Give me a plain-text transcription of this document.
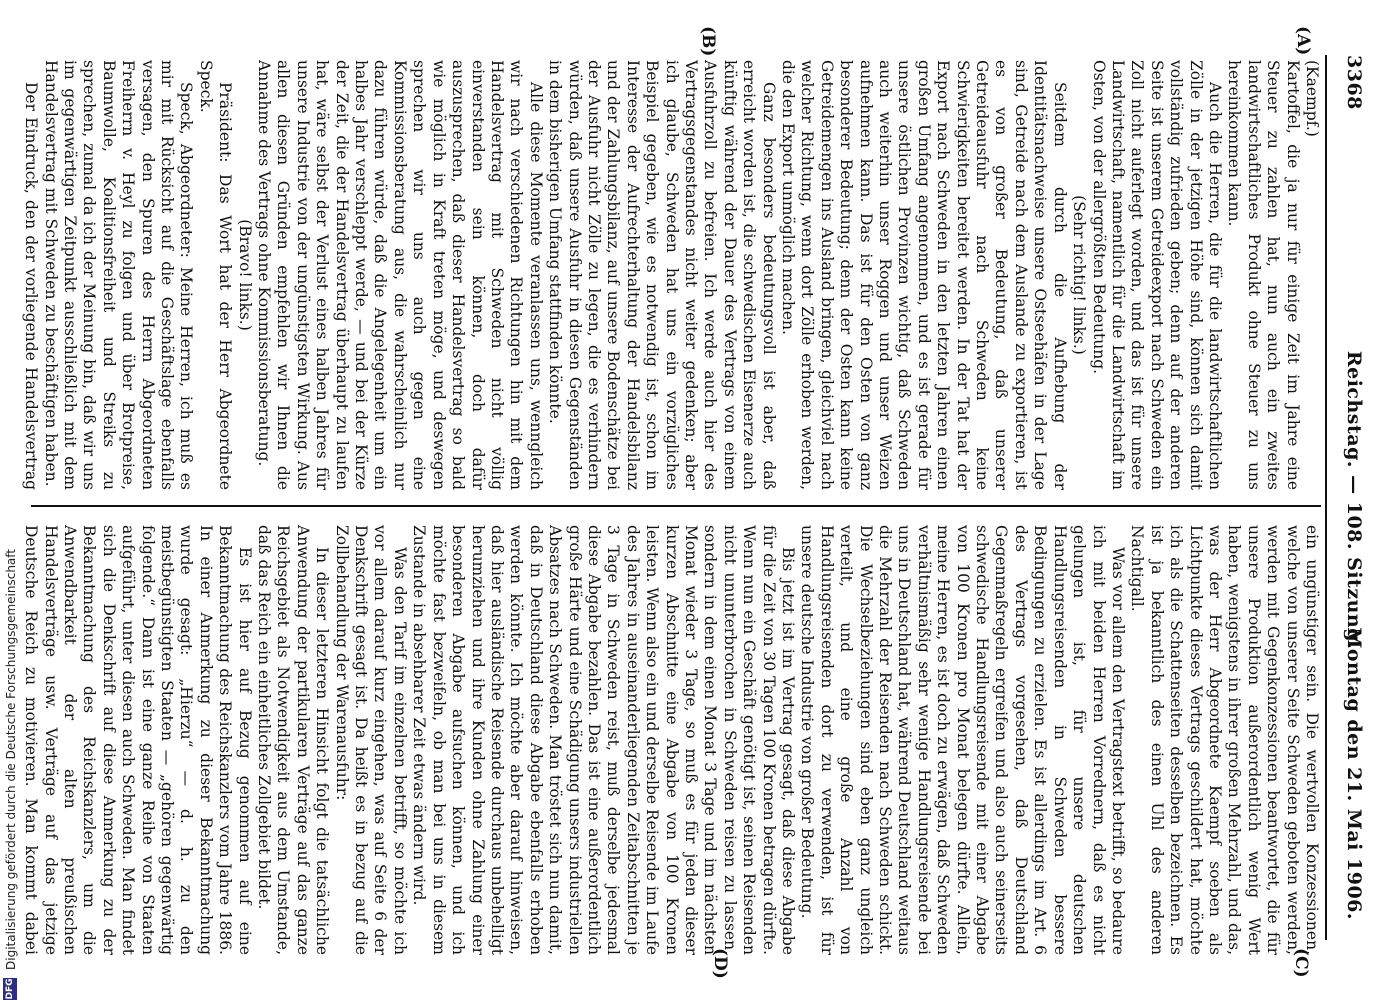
3368
Reichstag. — 108. Sitzung.
Montag den 21. Mai 1906.
(A)
(B)
(C)
(D)

(Kaempf.)

Kartoffel, die ja nur für einige Zeit im Jahre eine Steuer zu zahlen hat, nun auch ein zweites landwirtschaftliches Produkt ohne Steuer zu uns hereinkommen kann.

Auch die Herren, die für die landwirtschaftlichen Zölle in der jetzigen Höhe sind, können sich damit vollständig zufrieden geben; denn auf der anderen Seite ist unserem Getreideexport nach Schweden ein Zoll nicht auferlegt worden, und das ist für unsere Landwirtschaft, namentlich für die Landwirtschaft im Osten, von der allergrößten Bedeutung.

(Sehr richtig! links.)

Seitdem durch die Aufhebung der Identitätsnachweise unsere Ostseehäfen in der Lage sind, Getreide nach dem Auslande zu exportieren, ist es von großer Bedeutung, daß unserer Getreideausfuhr nach Schweden keine Schwierigkeiten bereitet werden. In der Tat hat der Export nach Schweden in den letzten Jahren einen großen Umfang angenommen, und es ist gerade für unsere östlichen Provinzen wichtig, daß Schweden auch weiterhin unser Roggen und unser Weizen aufnehmen kann. Das ist für den Osten von ganz besonderer Bedeutung; denn der Osten kann keine Getreidemengen ins Ausland bringen, gleichviel nach welcher Richtung, wenn dort Zölle erhoben werden, die den Export unmöglich machen.

Ganz besonders bedeutungsvoll ist aber, daß erreicht worden ist, die schwedischen Eisenerze auch künftig während der Dauer des Vertrags von einem Ausfuhrzoll zu befreien. Ich werde auch hier des Vertragsgegenstandes nicht weiter gedenken; aber ich glaube, Schweden hat uns ein vorzügliches Beispiel gegeben, wie es notwendig ist, schon im Interesse der Aufrechterhaltung der Handelsbilanz und der Zahlungsbilanz, auf unsere Bodenschätze bei der Ausfuhr nicht Zölle zu legen, die es verhindern würden, daß unsere Ausfuhr in diesen Gegenständen in dem bisherigen Umfang stattfinden könnte.

Alle diese Momente veranlassen uns, wenngleich wir nach verschiedenen Richtungen hin mit dem Handelsvertrag mit Schweden nicht völlig einverstanden sein können, doch dafür auszusprechen, daß dieser Handelsvertrag so bald wie möglich in Kraft treten möge, und deswegen sprechen wir uns auch gegen eine Kommissionsberatung aus, die wahrscheinlich nur dazu führen würde, daß die Angelegenheit um ein halbes Jahr verschleppt werde, — und bei der Kürze der Zeit, die der Handelsvertrag überhaupt zu laufen hat, wäre selbst der Verlust eines halben Jahres für unsere Industrie von der ungünstigsten Wirkung. Aus allen diesen Gründen empfehlen wir Ihnen die Annahme des Vertrags ohne Kommissionsberatung.

(Bravo! links.)

Präsident: Das Wort hat der Herr Abgeordnete Speck.

Speck, Abgeordneter: Meine Herren, ich muß es mir mit Rücksicht auf die Geschäftslage ebenfalls versagen, den Spuren des Herrn Abgeordneten Freiherrn v. Heyl zu folgen und über Brotpreise, Baumwolle, Koalitionsfreiheit und Streiks zu sprechen, zumal da ich der Meinung bin, daß wir uns im gegenwärtigen Zeitpunkt ausschließlich mit dem Handelsvertrag mit Schweden zu beschäftigen haben.

Der Eindruck, den der vorliegende Handelsvertrag

ein ungünstiger sein. Die wertvollen Konzessionen, welche von unserer Seite Schweden geboten werden, werden mit Gegenkonzessionen beantwortet, die für unsere Produktion außerordentlich wenig Wert haben, wenigstens in ihrer großen Mehrzahl, und das, was der Herr Abgeordnete Kaempf soeben als Lichtpunkte dieses Vertrags geschildert hat, möchte ich als die Schattenseiten desselben bezeichnen. Es ist ja bekanntlich des einen Uhl des anderen Nachtigall.

Was vor allem den Vertragstext betrifft, so bedaure ich mit beiden Herren Vorrednern, daß es nicht gelungen ist, für unsere deutschen Handlungsreisenden in Schweden bessere Bedingungen zu erzielen. Es ist allerdings im Art. 6 des Vertrags vorgesehen, daß Deutschland Gegenmaßregeln ergreifen und also auch seinerseits schwedische Handlungsreisende mit einer Abgabe von 100 Kronen pro Monat belegen dürfte. Allein, meine Herren, es ist doch zu erwägen, daß Schweden verhältnismäßig sehr wenige Handlungsreisende bei uns in Deutschland hat, während Deutschland weitaus die Mehrzahl der Reisenden nach Schweden schickt. Die Wechselbeziehungen sind eben ganz ungleich verteilt, und eine große Anzahl von Handlungsreisenden dort zu verwenden, ist für unsere deutsche Industrie von großer Bedeutung.

Bis jetzt ist im Vertrag gesagt, daß diese Abgabe für die Zeit von 30 Tagen 100 Kronen betragen dürfte. Wenn nun ein Geschäft genötigt ist, seinen Reisenden nicht ununterbrochen in Schweden reisen zu lassen, sondern in dem einen Monat 3 Tage und im nächsten Monat wieder 3 Tage, so muß es für jeden dieser kurzen Abschnitte eine Abgabe von 100 Kronen leisten. Wenn also ein und derselbe Reisende im Laufe des Jahres in auseinanderliegenden Zeitabschnitten je 3 Tage in Schweden reist, muß derselbe jedesmal diese Abgabe bezahlen. Das ist eine außerordentlich große Härte und eine Schädigung unsers industriellen Absatzes nach Schweden. Man tröstet sich nun damit, daß in Deutschland diese Abgabe ebenfalls erhoben werden könnte. Ich möchte aber darauf hinweisen, daß hier ausländische Reisende durchaus unbehelligt herumziehen und ihre Kunden ohne Zahlung einer besonderen Abgabe aufsuchen können, und ich möchte fast bezweifeln, ob man bei uns in diesem Zustande in absehbarer Zeit etwas ändern wird.

Was den Tarif im einzelnen betrifft, so möchte ich vor allem darauf kurz eingehen, was auf Seite 6 der Denkschrift gesagt ist. Da heißt es in bezug auf die Zollbehandlung der Warenausfuhr:

In dieser letzteren Hinsicht folgt die tatsächliche Anwendung der partikularen Verträge auf das ganze Reichsgebiet als Notwendigkeit aus dem Umstande, daß das Reich ein einheitliches Zollgebiet bildet.

Es ist hier auf Bezug genommen auf eine Bekanntmachung des Reichskanzlers vom Jahre 1886. In einer Anmerkung zu dieser Bekanntmachung wurde gesagt: „Hierzu“ — d. h. zu den meistbegünstigten Staaten — „gehören gegenwärtig folgende.“ Dann ist eine ganze Reihe von Staaten aufgeführt, unter diesen auch Schweden. Man findet sich die Denkschrift auf diese Anmerkung zu der Bekanntmachung des Reichskanzlers, um die Anwendbarkeit der alten preußischen Handelsverträge usw. Verträge auf das jetzige Deutsche Reich zu motivieren. Man kommt dabei

DFG
Digitalisierung gefördert durch die Deutsche Forschungsgemeinschaft
